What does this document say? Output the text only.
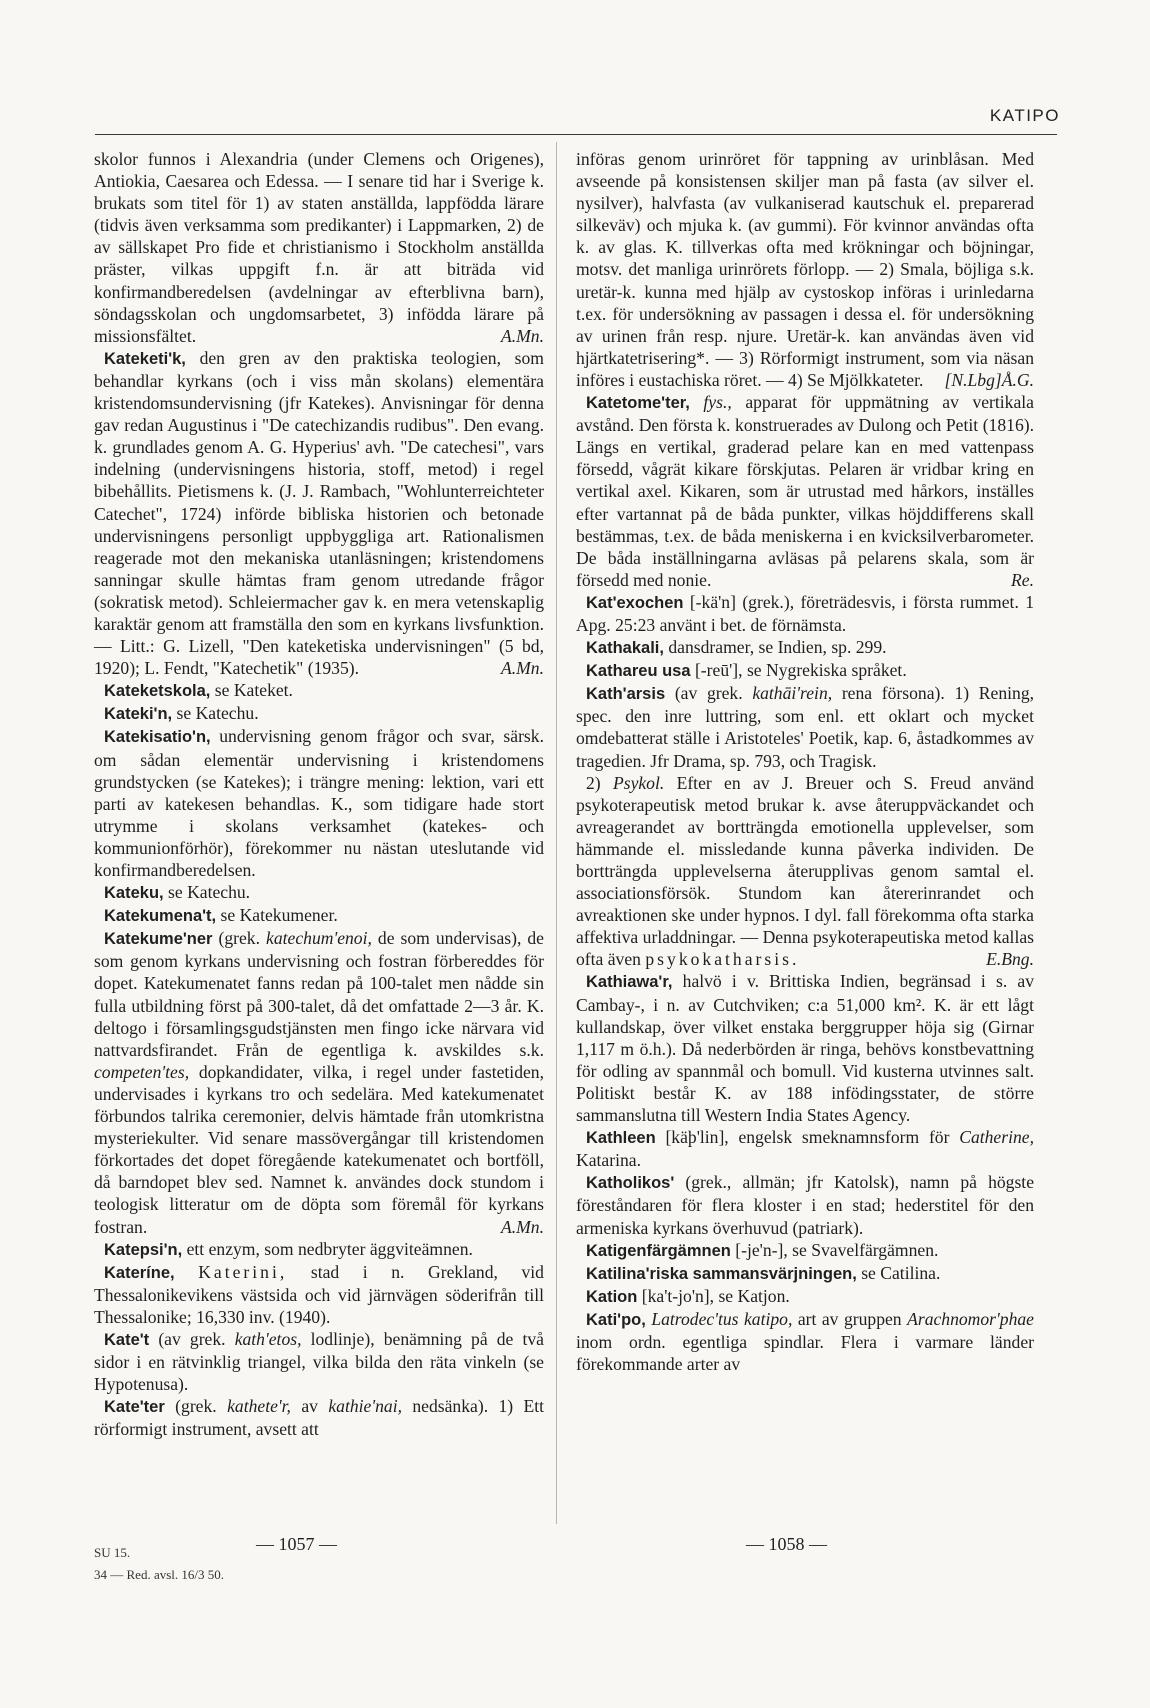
KATIPO

skolor funnos i Alexandria (under Clemens och Origenes), Antiokia, Caesarea och Edessa. — I senare tid har i Sverige k. brukats som titel för 1) av staten anställda, lappfödda lärare (tidvis även verksamma som predikanter) i Lappmarken, 2) de av sällskapet Pro fide et christianismo i Stockholm anställda präster, vilkas uppgift f.n. är att biträda vid konfirmandberedelsen (avdelningar av efterblivna barn), söndagsskolan och ungdomsarbetet, 3) infödda lärare på missionsfältet.	A.Mn.

Kateketi'k, den gren av den praktiska teologien, som behandlar kyrkans (och i viss mån skolans) elementära kristendomsundervisning (jfr Katekes). Anvisningar för denna gav redan Augustinus i "De catechizandis rudibus". Den evang. k. grundlades genom A. G. Hyperius' avh. "De catechesi", vars indelning (undervisningens historia, stoff, metod) i regel bibehållits. Pietismens k. (J. J. Rambach, "Wohlunterreichteter Catechet", 1724) införde bibliska historien och betonade undervisningens personligt uppbyggliga art. Rationalismen reagerade mot den mekaniska utanläsningen; kristendomens sanningar skulle hämtas fram genom utredande frågor (sokratisk metod). Schleiermacher gav k. en mera vetenskaplig karaktär genom att framställa den som en kyrkans livsfunktion. — Litt.: G. Lizell, "Den kateketiska undervisningen" (5 bd, 1920); L. Fendt, "Katechetik" (1935).	A.Mn.

Kateketskola, se Kateket.

Kateki'n, se Katechu.

Katekisatio'n, undervisning genom frågor och svar, särsk. om sådan elementär undervisning i kristendomens grundstycken (se Katekes); i trängre mening: lektion, vari ett parti av katekesen behandlas. K., som tidigare hade stort utrymme i skolans verksamhet (katekes- och kommunionförhör), förekommer nu nästan uteslutande vid konfirmandberedelsen.

Kateku, se Katechu.

Katekumena't, se Katekumener.

Katekume'ner (grek. katechum'enoi, de som undervisas), de som genom kyrkans undervisning och fostran förbereddes för dopet. Katekumenatet fanns redan på 100-talet men nådde sin fulla utbildning först på 300-talet, då det omfattade 2—3 år. K. deltogo i församlingsgudstjänsten men fingo icke närvara vid nattvardsfirandet. Från de egentliga k. avskildes s.k. competen'tes, dopkandidater, vilka, i regel under fastetiden, undervisades i kyrkans tro och sedelära. Med katekumenatet förbundos talrika ceremonier, delvis hämtade från utomkristna mysteriekulter. Vid senare massövergångar till kristendomen förkortades det dopet föregående katekumenatet och bortföll, då barndopet blev sed. Namnet k. användes dock stundom i teologisk litteratur om de döpta som föremål för kyrkans fostran.	A.Mn.

Katepsi'n, ett enzym, som nedbryter äggviteämnen.

Kateríne, Katerini, stad i n. Grekland, vid Thessalonikevikens västsida och vid järnvägen söderifrån till Thessalonike; 16,330 inv. (1940).

Kate't (av grek. kath'etos, lodlinje), benämning på de två sidor i en rätvinklig triangel, vilka bilda den räta vinkeln (se Hypotenusa).

Kate'ter (grek. kathete'r, av kathie'nai, nedsänka). 1) Ett rörformigt instrument, avsett att

införas genom urinröret för tappning av urinblåsan. Med avseende på konsistensen skiljer man på fasta (av silver el. nysilver), halvfasta (av vulkaniserad kautschuk el. preparerad silkeväv) och mjuka k. (av gummi). För kvinnor användas ofta k. av glas. K. tillverkas ofta med krökningar och böjningar, motsv. det manliga urinrörets förlopp. — 2) Smala, böjliga s.k. uretär-k. kunna med hjälp av cystoskop införas i urinledarna t.ex. för undersökning av passagen i dessa el. för undersökning av urinen från resp. njure. Uretär-k. kan användas även vid hjärtkatetrisering*. — 3) Rörformigt instrument, som via näsan införes i eustachiska röret. — 4) Se Mjölkkateter.	[N.Lbg]Å.G.

Katetome'ter, fys., apparat för uppmätning av vertikala avstånd. Den första k. konstruerades av Dulong och Petit (1816). Längs en vertikal, graderad pelare kan en med vattenpass försedd, vågrät kikare förskjutas. Pelaren är vridbar kring en vertikal axel. Kikaren, som är utrustad med hårkors, inställes efter vartannat på de båda punkter, vilkas höjddifferens skall bestämmas, t.ex. de båda meniskerna i en kvicksilverbarometer. De båda inställningarna avläsas på pelarens skala, som är försedd med nonie.	Re.

Kat'exochen [-kä'n] (grek.), företrädesvis, i första rummet. 1 Apg. 25:23 använt i bet. de förnämsta.

Kathakali, dansdramer, se Indien, sp. 299.

Kathareu usa [-reū'], se Nygrekiska språket.

Kath'arsis (av grek. kathāi'rein, rena försona). 1) Rening, spec. den inre luttring, som enl. ett oklart och mycket omdebatterat ställe i Aristoteles' Poetik, kap. 6, åstadkommes av tragedien. Jfr Drama, sp. 793, och Tragisk.

2) Psykol. Efter en av J. Breuer och S. Freud använd psykoterapeutisk metod brukar k. avse återuppväckandet och avreagerandet av bortträngda emotionella upplevelser, som hämmande el. missledande kunna påverka individen. De bortträngda upplevelserna återupplivas genom samtal el. associationsförsök. Stundom kan återerinrandet och avreaktionen ske under hypnos. I dyl. fall förekomma ofta starka affektiva urladdningar. — Denna psykoterapeutiska metod kallas ofta även psykokatharsis.	E.Bng.

Kathiawa'r, halvö i v. Brittiska Indien, begränsad i s. av Cambay-, i n. av Cutchviken; c:a 51,000 km². K. är ett lågt kullandskap, över vilket enstaka berggrupper höja sig (Girnar 1,117 m ö.h.). Då nederbörden är ringa, behövs konstbevattning för odling av spannmål och bomull. Vid kusterna utvinnes salt. Politiskt består K. av 188 infödingsstater, de större sammanslutna till Western India States Agency.

Kathleen [käþ'lin], engelsk smeknamnsform för Catherine, Katarina.

Katholikos' (grek., allmän; jfr Katolsk), namn på högste föreståndaren för flera kloster i en stad; hederstitel för den armeniska kyrkans överhuvud (patriark).

Katigenfärgämnen [-je'n-], se Svavelfärgämnen.

Katilina'riska sammansvärjningen, se Catilina.

Kation [ka't-jo'n], se Katjon.

Kati'po, Latrodec'tus katipo, art av gruppen Arachnomor'phae inom ordn. egentliga spindlar. Flera i varmare länder förekommande arter av

SU 15.
34 — Red. avsl. 16/3 50.
— 1057 —	— 1058 —
